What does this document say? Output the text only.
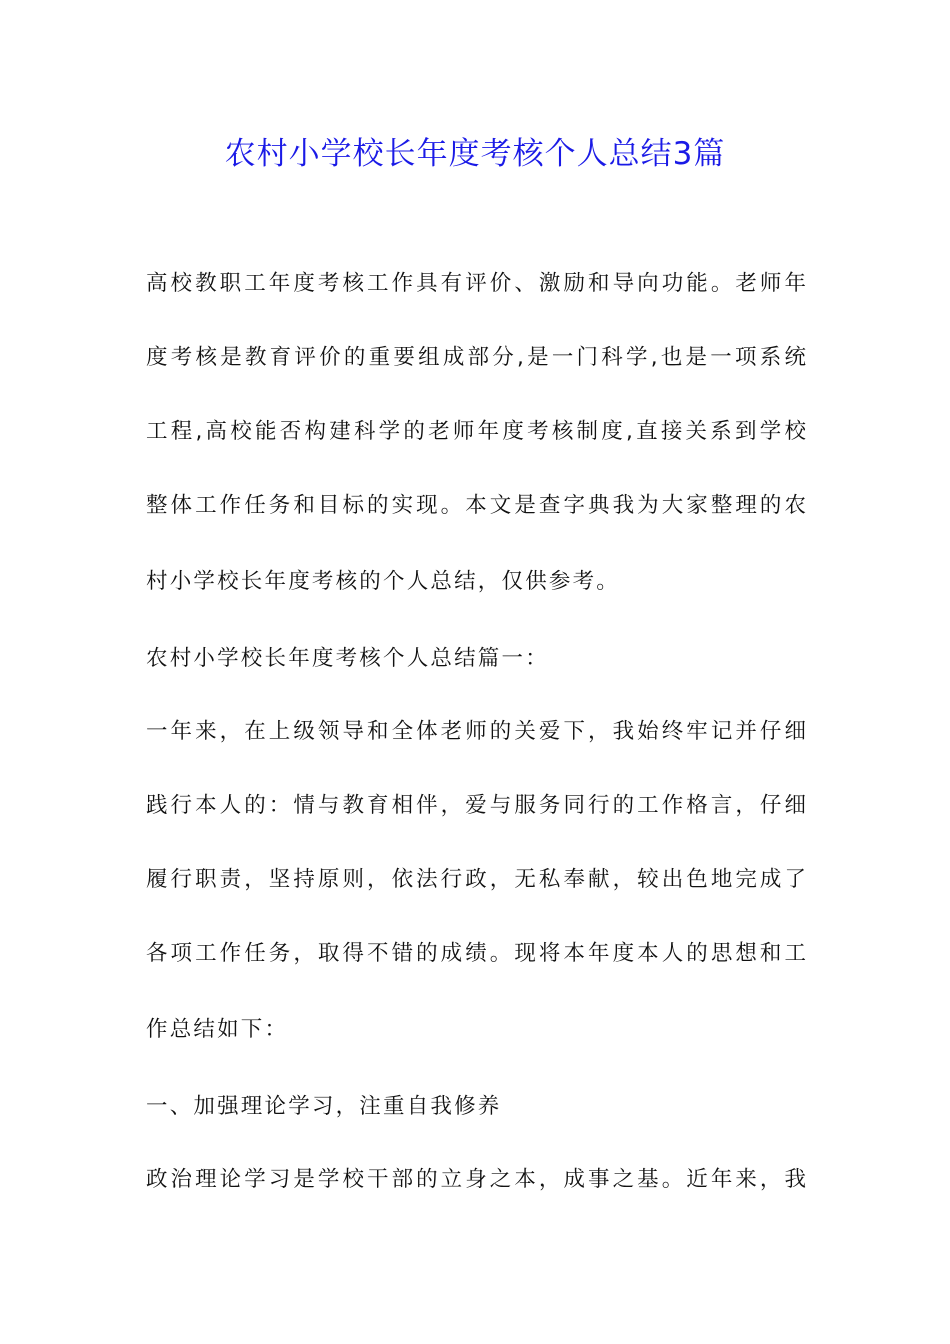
农村小学校长年度考核个人总结3篇

高校教职工年度考核工作具有评价、激励和导向功能。老师年

度考核是教育评价的重要组成部分,是一门科学,也是一项系统

工程,高校能否构建科学的老师年度考核制度,直接关系到学校

整体工作任务和目标的实现。本文是查字典我为大家整理的农

村小学校长年度考核的个人总结，仅供参考。

农村小学校长年度考核个人总结篇一：

一年来，在上级领导和全体老师的关爱下，我始终牢记并仔细

践行本人的：情与教育相伴，爱与服务同行的工作格言，仔细

履行职责，坚持原则，依法行政，无私奉献，较出色地完成了

各项工作任务，取得不错的成绩。现将本年度本人的思想和工

作总结如下：

一、加强理论学习，注重自我修养

政治理论学习是学校干部的立身之本，成事之基。近年来，我
